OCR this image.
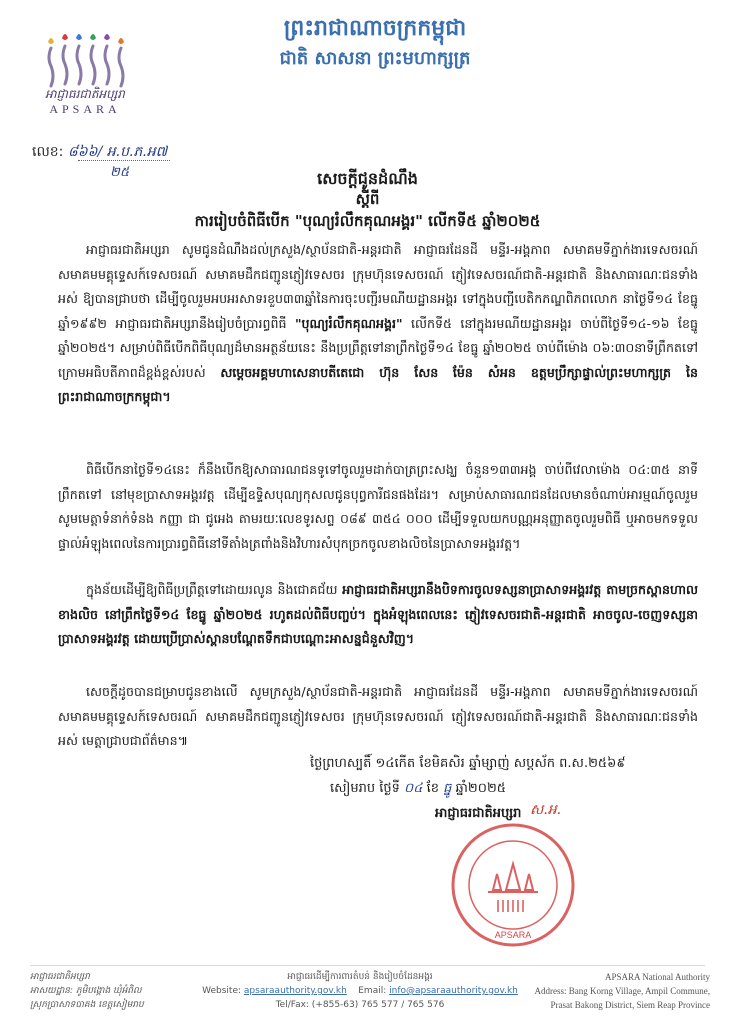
អាជ្ញាធរជាតិអប្សរា
APSARA
ព្រះរាជាណាចក្រកម្ពុជា
ជាតិ សាសនា ព្រះមហាក្សត្រ
លេខ: ៨៦៦/ អ.ប.ភ.អ៧
២៥	សេចក្តីជូនដំណឹង
ស្តីពី
ការរៀបចំពិធីបើក "បុណ្យរំលឹកគុណអង្គរ" លើកទី៥ ឆ្នាំ២០២៥
អាជ្ញាធរជាតិអប្សរា សូមជូនដំណឹងដល់ក្រសួង/ស្ថាប័នជាតិ-អន្តរជាតិ អាជ្ញាធរដែនដី មន្ទីរ-អង្គភាព សមាគមទីភ្នាក់ងារទេសចរណ៍ សមាគមមគ្គុទ្ទេសក៍ទេសចរណ៍ សមាគមដឹកជញ្ជូនភ្ញៀវទេសចរ ក្រុមហ៊ុនទេសចរណ៍ ភ្ញៀវទេសចរណ៍ជាតិ-អន្តរជាតិ និងសាធារណៈជនទាំងអស់ ឱ្យបានជ្រាបថា ដើម្បីចូលរួមអបអរសាទរខួប៣៣ឆ្នាំនៃការចុះបញ្ជីរមណីយដ្ឋានអង្គរ ទៅក្នុងបញ្ជីបេតិកភណ្ឌពិភពលោក នាថ្ងៃទី១៤ ខែធ្នូ ឆ្នាំ១៩៩២ អាជ្ញាធរជាតិអប្សរានឹងរៀបចំប្រារព្ធពិធី "បុណ្យរំលឹកគុណអង្គរ" លើកទី៥ នៅក្នុងរមណីយដ្ឋានអង្គរ ចាប់ពីថ្ងៃទី១៤-១៦ ខែធ្នូ ឆ្នាំ២០២៥។ សម្រាប់ពិធីបើកពិធីបុណ្យដ៏មានអត្ថន័យនេះ នឹងប្រព្រឹត្តទៅនាព្រឹកថ្ងៃទី១៤ ខែធ្នូ ឆ្នាំ២០២៥ ចាប់ពីម៉ោង ០៦:៣០នាទីព្រឹកតទៅ ក្រោមអធិបតីភាពដ៏ខ្ពង់ខ្ពស់របស់ សម្តេចអគ្គមហាសេនាបតីតេជោ ហ៊ុន សែន ម៉ែន សំអន ឧត្តមប្រឹក្សាផ្ទាល់ព្រះមហាក្សត្រ នៃព្រះរាជាណាចក្រកម្ពុជា។
ពិធីបើកនាថ្ងៃទី១៤នេះ ក៏នឹងបើកឱ្យសាធារណជនទូទៅចូលរួមដាក់បាត្រព្រះសង្ឃ ចំនួន១៣៣អង្គ ចាប់ពីវេលាម៉ោង ០៤:៣៥ នាទីព្រឹកតទៅ នៅមុខប្រាសាទអង្គរវត្ត ដើម្បីឧទ្ទិសបុណ្យកុសលជូនបុព្វការីជនផងដែរ។ សម្រាប់សាធារណជនដែលមានចំណាប់អារម្មណ៍ចូលរួម សូមមេត្តាទំនាក់ទំនង កញ្ញា ជា ជូអេង តាមរយៈលេខទូរសព្ទ ០៨៩ ៣៥៤ ០០០ ដើម្បីទទួលយកបណ្ណអនុញ្ញាតចូលរួមពិធី ឬអាចមកទទួលផ្ទាល់អំឡុងពេលនៃការប្រារព្ធពិធីនៅទីតាំងត្រពាំងនិងវិហារសំបុកច្រកចូលខាងលិចនៃប្រាសាទអង្គរវត្ត។
ក្នុងន័យដើម្បីឱ្យពិធីប្រព្រឹត្តទៅដោយរលូន និងជោគជ័យ អាជ្ញាធរជាតិអប្សរានឹងបិទការចូលទស្សនាប្រាសាទអង្គរវត្ត តាមច្រកស្ពានហាលខាងលិច នៅព្រឹកថ្ងៃទី១៤ ខែធ្នូ ឆ្នាំ២០២៥ រហូតដល់ពិធីបញ្ចប់។ ក្នុងអំឡុងពេលនេះ ភ្ញៀវទេសចរជាតិ-អន្តរជាតិ អាចចូល-ចេញទស្សនាប្រាសាទអង្គរវត្ត ដោយប្រើប្រាស់ស្ពានបណ្តែតទឹកជាបណ្តោះអាសន្នជំនួសវិញ។
សេចក្តីដូចបានជម្រាបជូនខាងលើ សូមក្រសួង/ស្ថាប័នជាតិ-អន្តរជាតិ អាជ្ញាធរដែនដី មន្ទីរ-អង្គភាព សមាគមទីភ្នាក់ងារទេសចរណ៍ សមាគមមគ្គុទ្ទេសក៍ទេសចរណ៍ សមាគមដឹកជញ្ជូនភ្ញៀវទេសចរ ក្រុមហ៊ុនទេសចរណ៍ ភ្ញៀវទេសចរណ៍ជាតិ-អន្តរជាតិ និងសាធារណៈជនទាំងអស់ មេត្តាជ្រាបជាព័ត៌មាន៕
ថ្ងៃព្រហស្បតិ៍ ១៤កើត ខែមិគសិរ ឆ្នាំម្សាញ់ សប្តស័ក ព.ស.២៥៦៩
សៀមរាប ថ្ងៃទី ០៤ ខែ ធ្នូ ឆ្នាំ២០២៥
អាជ្ញាធរជាតិអប្សរា ស.អ.
APSARA
អាជ្ញាធរជាតិអប្សរា
អាសយដ្ឋាន: ភូមិបង្គោង ឃុំអំពិល
ស្រុកប្រាសាទបាគង ខេត្តសៀមរាប
អាជ្ញាធរដើម្បីការពារតំបន់ និងរៀបចំដែនអង្គរ
Website: apsaraauthority.gov.kh Email: info@apsaraauthority.gov.kh
Tel/Fax: (+855-63) 765 577 / 765 576
APSARA National Authority
Address: Bang Korng Village, Ampil Commune,
Prasat Bakong District, Siem Reap Province
